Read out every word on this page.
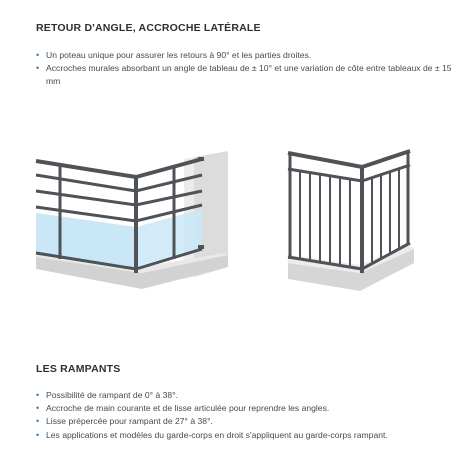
RETOUR D'ANGLE, ACCROCHE LATÉRALE
• Un poteau unique pour assurer les retours à 90° et les parties droites.
• Accroches murales absorbant un angle de tableau de ± 10° et une variation de côte entre tableaux de ± 15 mm
LES RAMPANTS
• Possibilité de rampant de 0° à 38°.
• Accroche de main courante et de lisse articulée pour reprendre les angles.
• Lisse prépercée pour rampant de 27° à 38°.
• Les applications et modèles du garde-corps en droit s'appliquent au garde-corps rampant.
